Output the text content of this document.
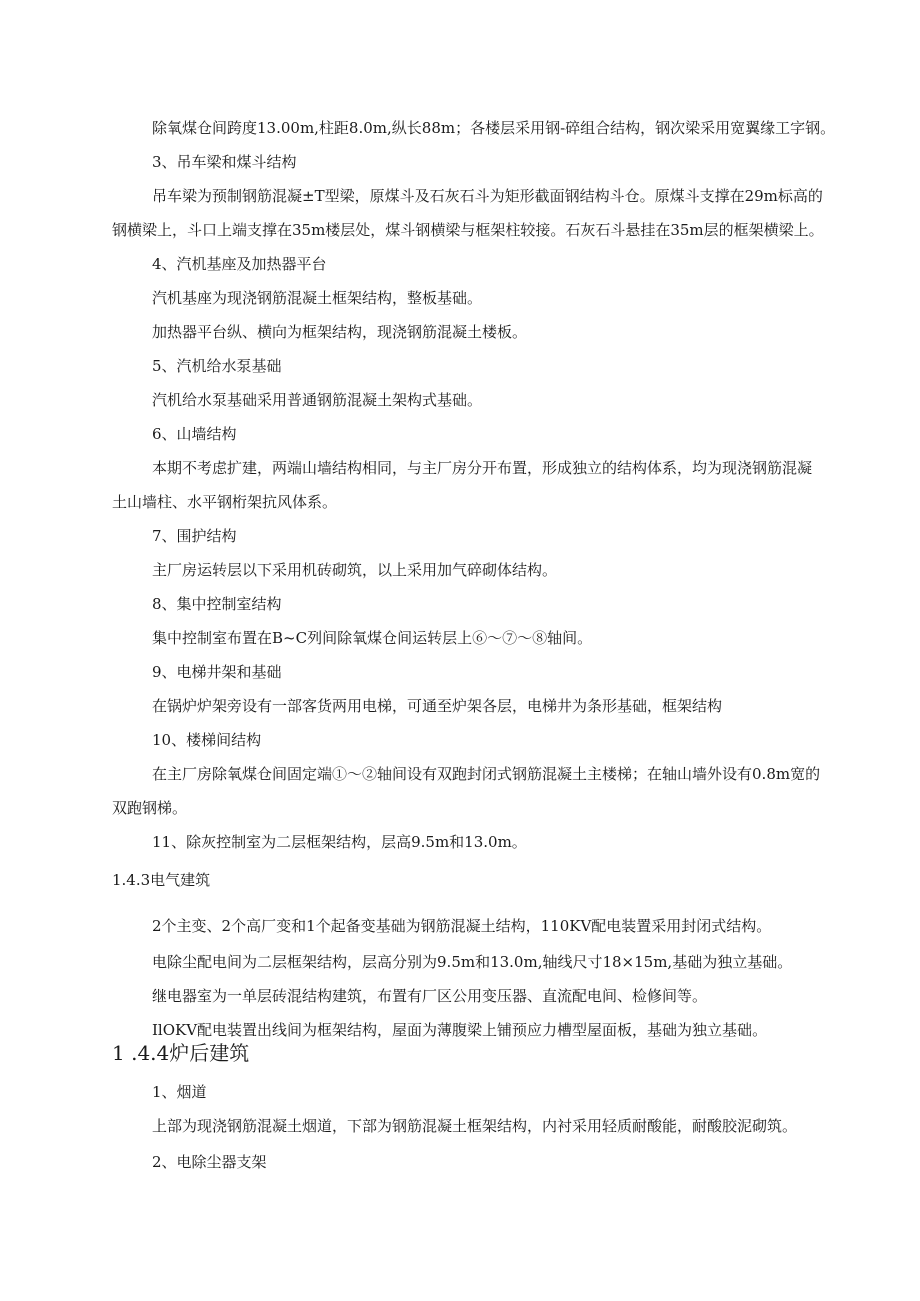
除氧煤仓间跨度13.00m,柱距8.0m,纵长88m；各楼层采用钢-碎组合结构，钢次梁采用宽翼缘工字钢。
3、吊车梁和煤斗结构
吊车梁为预制钢筋混凝±T型梁，原煤斗及石灰石斗为矩形截面钢结构斗仓。原煤斗支撑在29m标高的
钢横梁上，斗口上端支撑在35m楼层处，煤斗钢横梁与框架柱较接。石灰石斗悬挂在35m层的框架横梁上。
4、汽机基座及加热器平台
汽机基座为现浇钢筋混凝土框架结构，整板基础。
加热器平台纵、横向为框架结构，现浇钢筋混凝土楼板。
5、汽机给水泵基础
汽机给水泵基础采用普通钢筋混凝土架构式基础。
6、山墙结构
本期不考虑扩建，两端山墙结构相同，与主厂房分开布置，形成独立的结构体系，均为现浇钢筋混凝
土山墙柱、水平钢桁架抗风体系。
7、围护结构
主厂房运转层以下采用机砖砌筑，以上采用加气碎砌体结构。
8、集中控制室结构
集中控制室布置在B~C列间除氧煤仓间运转层上⑥～⑦～⑧轴间。
9、电梯井架和基础
在锅炉炉架旁设有一部客货两用电梯，可通至炉架各层，电梯井为条形基础，框架结构
10、楼梯间结构
在主厂房除氧煤仓间固定端①～②轴间设有双跑封闭式钢筋混凝土主楼梯；在轴山墙外设有0.8m宽的
双跑钢梯。
11、除灰控制室为二层框架结构，层高9.5m和13.0m。
1.4.3电气建筑
2个主变、2个高厂变和1个起备变基础为钢筋混凝土结构，110KV配电装置采用封闭式结构。
电除尘配电间为二层框架结构，层高分别为9.5m和13.0m,轴线尺寸18×15m,基础为独立基础。
继电器室为一单层砖混结构建筑，布置有厂区公用变压器、直流配电间、检修间等。
IlOKV配电装置出线间为框架结构，屋面为薄腹梁上铺预应力槽型屋面板，基础为独立基础。
1 .4.4炉后建筑
1、烟道
上部为现浇钢筋混凝土烟道，下部为钢筋混凝土框架结构，内衬采用轻质耐酸能，耐酸胶泥砌筑。
2、电除尘器支架
